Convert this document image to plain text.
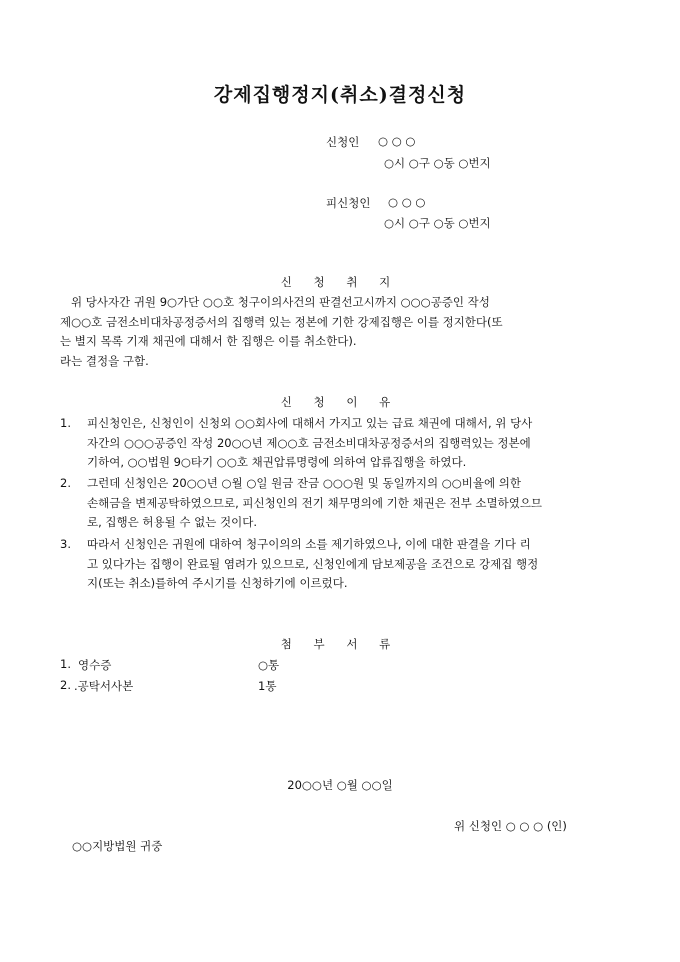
강제집행정지(취소)결정신청
신청인 ○ ○ ○
○시 ○구 ○동 ○번지
피신청인 ○ ○ ○
○시 ○구 ○동 ○번지
신 청 취 지
위 당사자간 귀원 9○가단 ○○호 청구이의사건의 판결선고시까지 ○○○공증인 작성
제○○호 금전소비대차공정증서의 집행력 있는 정본에 기한 강제집행은 이를 정지한다(또
는 별지 목록 기재 채권에 대해서 한 집행은 이를 취소한다).
라는 결정을 구함.
신 청 이 유
1. 피신청인은, 신청인이 신청외 ○○회사에 대해서 가지고 있는 급료 채권에 대해서, 위 당사
자간의 ○○○공증인 작성 20○○년 제○○호 금전소비대차공정증서의 집행력있는 정본에
기하여, ○○법원 9○타기 ○○호 채권압류명령에 의하여 압류집행을 하였다.
2. 그런데 신청인은 20○○년 ○월 ○일 원금 잔금 ○○○원 및 동일까지의 ○○비율에 의한
손해금을 변제공탁하였으므로, 피신청인의 전기 채무명의에 기한 채권은 전부 소멸하였으므
로, 집행은 허용될 수 없는 것이다.
3. 따라서 신청인은 귀원에 대하여 청구이의의 소를 제기하였으나, 이에 대한 판결을 기다 리
고 있다가는 집행이 완료될 염려가 있으므로, 신청인에게 담보제공을 조건으로 강제집 행정
지(또는 취소)를하여 주시기를 신청하기에 이르렀다.
첨 부 서 류
1. 영수증	○통
2. .공탁서사본	1통
20○○년 ○월 ○○일
위 신청인 ○ ○ ○ (인)
○○지방법원 귀중
